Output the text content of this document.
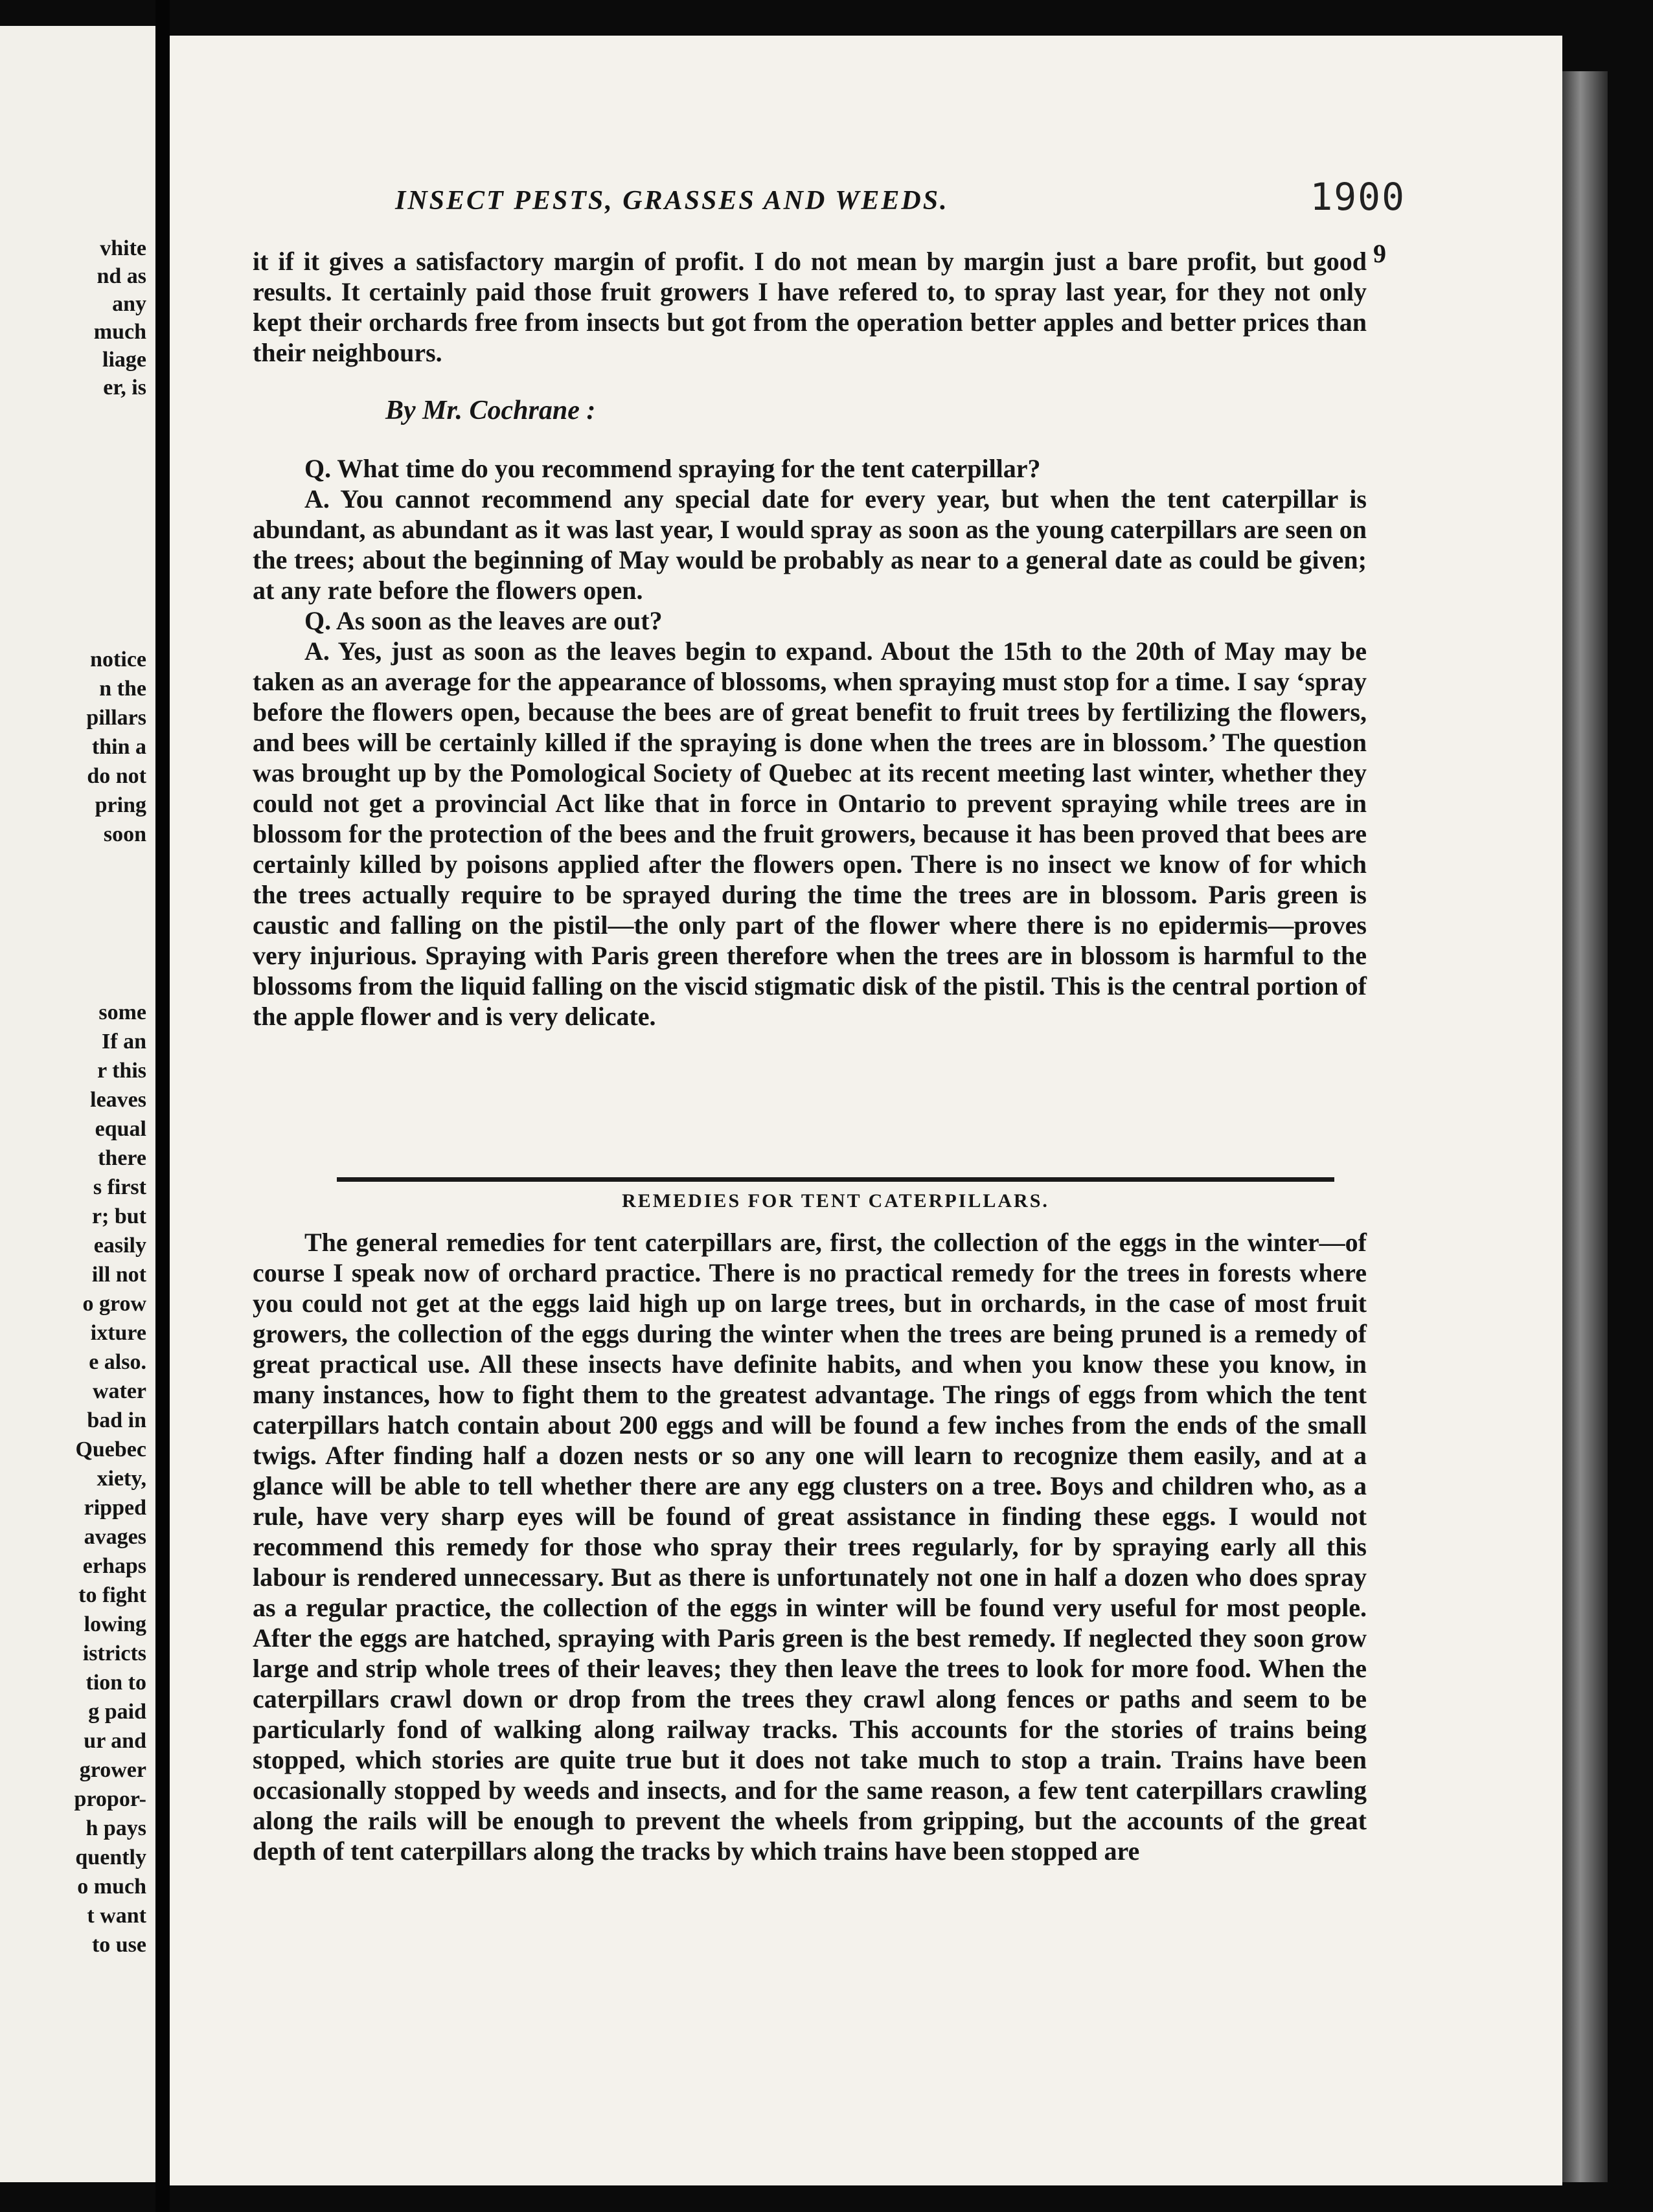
vhite

nd as

any

much

liage

er, is

notice

n the

pillars

thin a

do not

pring

soon

some

If an

r this

leaves

equal

there

s first

r; but

easily

ill not

o grow

ixture

e also.

water

bad in

Quebec

xiety,

ripped

avages

erhaps

to fight

lowing

istricts

tion to

g paid

ur and

grower

propor-

h pays

quently

o much

t want

to use

INSECT PESTS, GRASSES AND WEEDS.	1900
9

it if it gives a satisfactory margin of profit. I do not mean by margin just a bare profit, but good results. It certainly paid those fruit growers I have refered to, to spray last year, for they not only kept their orchards free from insects but got from the operation better apples and better prices than their neighbours.

By Mr. Cochrane :

Q. What time do you recommend spraying for the tent caterpillar?

A. You cannot recommend any special date for every year, but when the tent caterpillar is abundant, as abundant as it was last year, I would spray as soon as the young caterpillars are seen on the trees; about the beginning of May would be probably as near to a general date as could be given; at any rate before the flowers open.

Q. As soon as the leaves are out?

A. Yes, just as soon as the leaves begin to expand. About the 15th to the 20th of May may be taken as an average for the appearance of blossoms, when spraying must stop for a time. I say ‘spray before the flowers open, because the bees are of great benefit to fruit trees by fertilizing the flowers, and bees will be certainly killed if the spraying is done when the trees are in blossom.’ The question was brought up by the Pomological Society of Quebec at its recent meeting last winter, whether they could not get a provincial Act like that in force in Ontario to prevent spraying while trees are in blossom for the protection of the bees and the fruit growers, because it has been proved that bees are certainly killed by poisons applied after the flowers open. There is no insect we know of for which the trees actually require to be sprayed during the time the trees are in blossom. Paris green is caustic and falling on the pistil—the only part of the flower where there is no epidermis—proves very injurious. Spraying with Paris green therefore when the trees are in blossom is harmful to the blossoms from the liquid falling on the viscid stigmatic disk of the pistil. This is the central portion of the apple flower and is very delicate.

REMEDIES FOR TENT CATERPILLARS.

The general remedies for tent caterpillars are, first, the collection of the eggs in the winter—of course I speak now of orchard practice. There is no practical remedy for the trees in forests where you could not get at the eggs laid high up on large trees, but in orchards, in the case of most fruit growers, the collection of the eggs during the winter when the trees are being pruned is a remedy of great practical use. All these insects have definite habits, and when you know these you know, in many instances, how to fight them to the greatest advantage. The rings of eggs from which the tent caterpillars hatch contain about 200 eggs and will be found a few inches from the ends of the small twigs. After finding half a dozen nests or so any one will learn to recognize them easily, and at a glance will be able to tell whether there are any egg clusters on a tree. Boys and children who, as a rule, have very sharp eyes will be found of great assistance in finding these eggs. I would not recommend this remedy for those who spray their trees regularly, for by spraying early all this labour is rendered unnecessary. But as there is unfortunately not one in half a dozen who does spray as a regular practice, the collection of the eggs in winter will be found very useful for most people. After the eggs are hatched, spraying with Paris green is the best remedy. If neglected they soon grow large and strip whole trees of their leaves; they then leave the trees to look for more food. When the caterpillars crawl down or drop from the trees they crawl along fences or paths and seem to be particularly fond of walking along railway tracks. This accounts for the stories of trains being stopped, which stories are quite true but it does not take much to stop a train. Trains have been occasionally stopped by weeds and insects, and for the same reason, a few tent caterpillars crawling along the rails will be enough to prevent the wheels from gripping, but the accounts of the great depth of tent caterpillars along the tracks by which trains have been stopped are
